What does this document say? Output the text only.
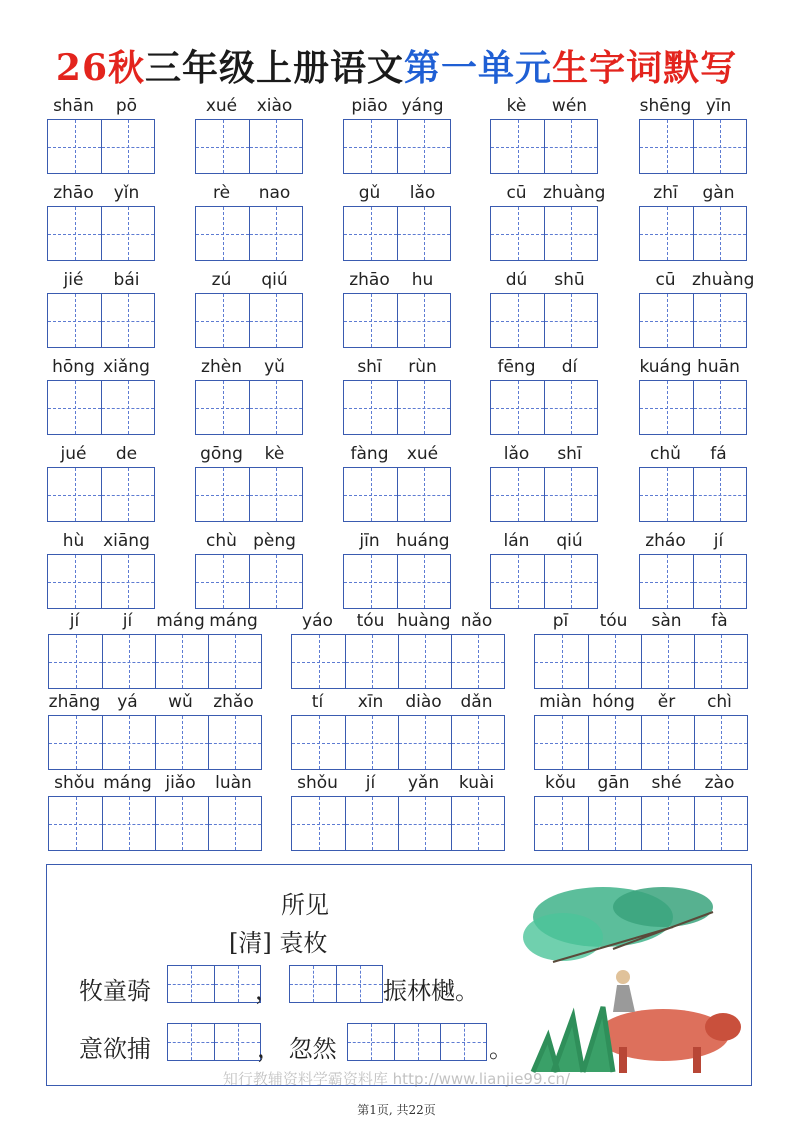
26秋三年级上册语文第一单元生字词默写
shān	pō	xué	xiào	piāo yáng	kè	wén	shēng yīn
zhāo	yǐn	rè	nao	gǔ	lǎo	cū zhuàng	zhī	gàn
jié	bái	zú	qiú	zhāo	hu	dú	shū	cū zhuàng
hōng xiǎng	zhèn	yǔ	shī	rùn	fēng	dí	kuáng huān
jué	de	gōng	kè	fàng	xué	lǎo	shī	chǔ	fá
hù	xiāng	chù pèng	jīn huáng	lán	qiú	zháo	jí
jí	jí	máng máng	yáo	tóu huàng nǎo	pī	tóu	sàn	fà
zhāng yá	wǔ	zhǎo	tí	xīn	diào	dǎn	miàn hóng	ěr	chì
shǒu máng jiǎo	luàn	shǒu	jí	yǎn	kuài	kǒu	gān	shé	zào
所见
[清] 袁枚
牧童骑	，	振林樾。
意欲捕	， 忽然	。
知行教辅资料学霸资料库 http://www.lianjie99.cn/
第1页, 共22页
